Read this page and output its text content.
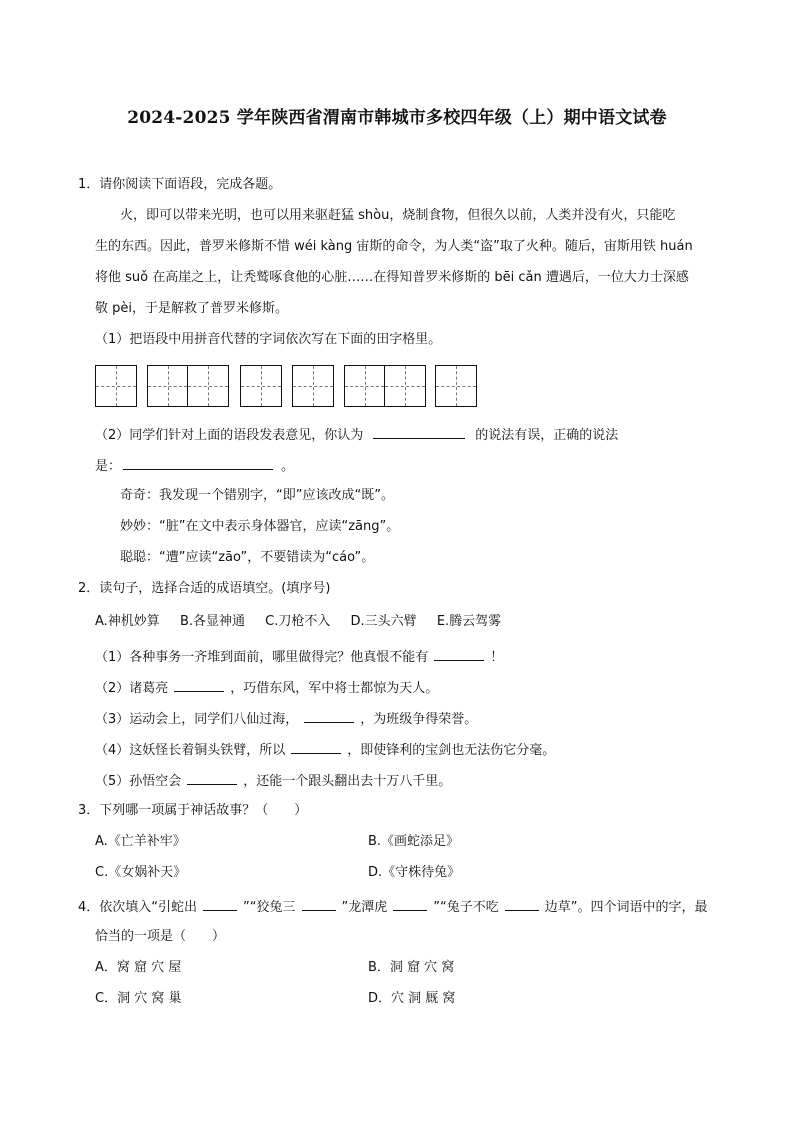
2024-2025 学年陕西省渭南市韩城市多校四年级（上）期中语文试卷
1．请你阅读下面语段，完成各题。
火，即可以带来光明，也可以用来驱赶猛 shòu，烧制食物，但很久以前，人类并没有火，只能吃
生的东西。因此，普罗米修斯不惜 wéi kàng 宙斯的命令，为人类“盗”取了火种。随后，宙斯用铁 huán
将他 suǒ 在高崖之上，让秃鹫啄食他的心脏……在得知普罗米修斯的 bēi cǎn 遭遇后，一位大力士深感
敬 pèi，于是解救了普罗米修斯。
（1）把语段中用拼音代替的字词依次写在下面的田字格里。
（2）同学们针对上面的语段发表意见，你认为	的说法有误，正确的说法
是：	。
奇奇：我发现一个错别字，“即”应该改成“既”。
妙妙：“脏”在文中表示身体器官，应读“zāng”。
聪聪：“遭”应读“zāo”，不要错读为“cáo”。
2．读句子，选择合适的成语填空。(填序号)
A.神机妙算 B.各显神通 C.刀枪不入 D.三头六臂 E.腾云驾雾
（1）各种事务一齐堆到面前，哪里做得完？他真恨不能有	！
（2）诸葛亮	，巧借东风，军中将士都惊为天人。
（3）运动会上，同学们八仙过海，	，为班级争得荣誉。
（4）这妖怪长着铜头铁臂，所以	，即使锋利的宝剑也无法伤它分毫。
（5）孙悟空会	，还能一个跟头翻出去十万八千里。
3．下列哪一项属于神话故事？（　　）
A.《亡羊补牢》	B.《画蛇添足》
C.《女娲补天》	D.《守株待兔》
4．依次填入“引蛇出	”“狡兔三	”龙潭虎	”“兔子不吃	边草”。四个词语中的字，最
恰当的一项是（　　）
A．窝 窟 穴 屋	B．洞 窟 穴 窝
C．洞 穴 窝 巢	D．穴 洞 厩 窝
